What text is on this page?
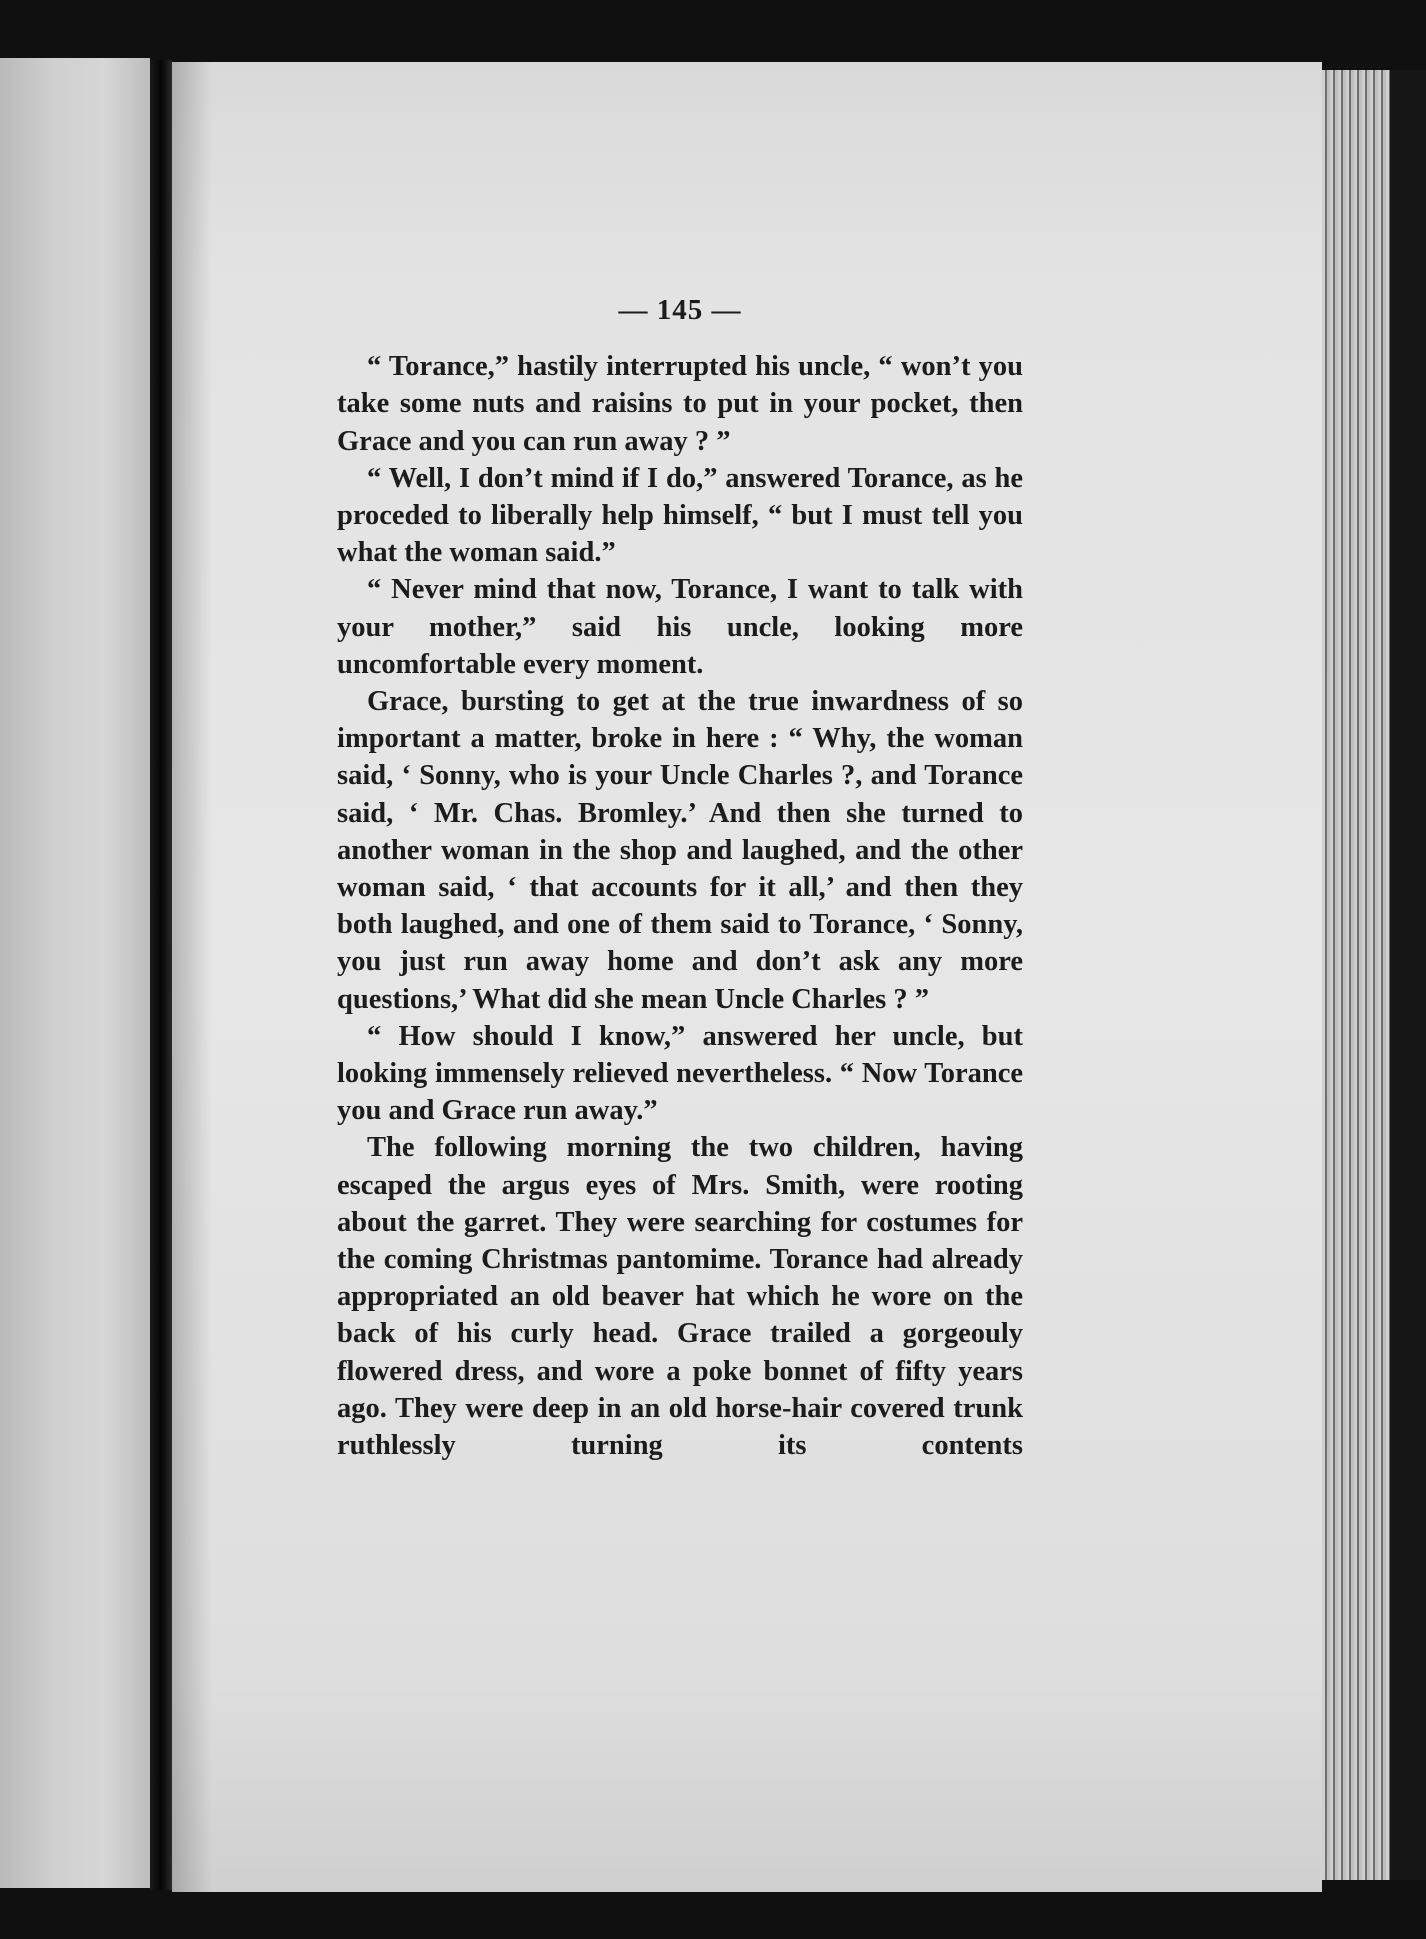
— 145 —

“ Torance,” hastily interrupted his uncle, “ won’t you take some nuts and raisins to put in your pocket, then Grace and you can run away ? ”

“ Well, I don’t mind if I do,” answered Torance, as he proceded to liberally help himself, “ but I must tell you what the woman said.”

“ Never mind that now, Torance, I want to talk with your mother,” said his uncle, looking more uncomfortable every moment.

Grace, bursting to get at the true inwardness of so important a matter, broke in here : “ Why, the woman said, ‘ Sonny, who is your Uncle Charles ?, and Torance said, ‘ Mr. Chas. Bromley.’ And then she turned to another woman in the shop and laughed, and the other woman said, ‘ that accounts for it all,’ and then they both laughed, and one of them said to Torance, ‘ Sonny, you just run away home and don’t ask any more questions,’ What did she mean Uncle Charles ? ”

“ How should I know,” answered her uncle, but looking immensely relieved nevertheless. “ Now Torance you and Grace run away.”

The following morning the two children, having escaped the argus eyes of Mrs. Smith, were rooting about the garret. They were searching for costumes for the coming Christmas pantomime. Torance had already appropriated an old beaver hat which he wore on the back of his curly head. Grace trailed a gorgeouly flowered dress, and wore a poke bonnet of fifty years ago. They were deep in an old horse-hair covered trunk ruthlessly turning its contents
